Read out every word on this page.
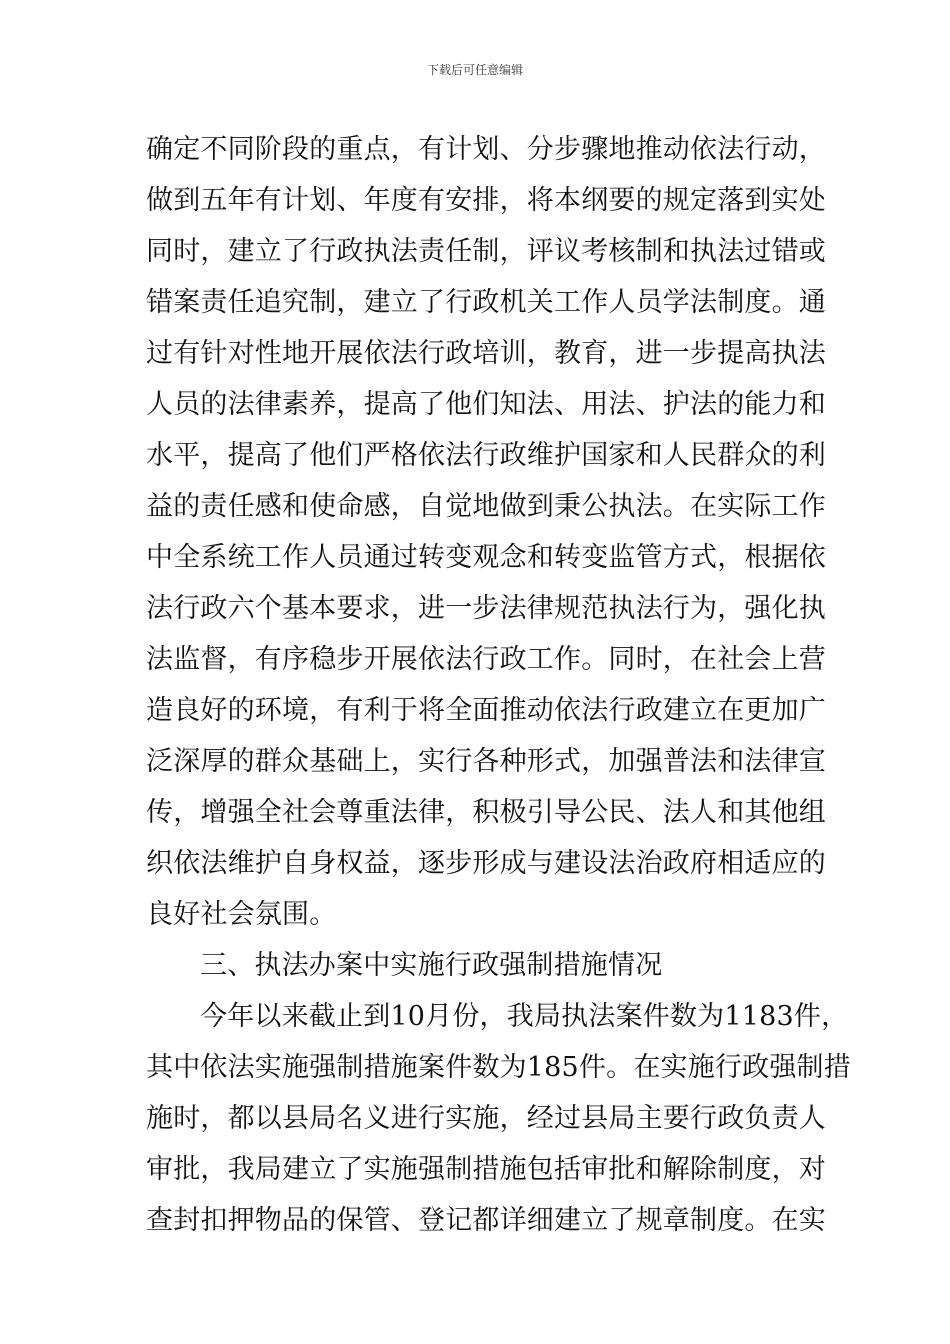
下载后可任意编辑
确定不同阶段的重点，有计划、分步骤地推动依法行动，
做到五年有计划、年度有安排，将本纲要的规定落到实处
同时，建立了行政执法责任制，评议考核制和执法过错或
错案责任追究制，建立了行政机关工作人员学法制度。通
过有针对性地开展依法行政培训，教育，进一步提高执法
人员的法律素养，提高了他们知法、用法、护法的能力和
水平，提高了他们严格依法行政维护国家和人民群众的利
益的责任感和使命感，自觉地做到秉公执法。在实际工作
中全系统工作人员通过转变观念和转变监管方式，根据依
法行政六个基本要求，进一步法律规范执法行为，强化执
法监督，有序稳步开展依法行政工作。同时，在社会上营
造良好的环境，有利于将全面推动依法行政建立在更加广
泛深厚的群众基础上，实行各种形式，加强普法和法律宣
传，增强全社会尊重法律，积极引导公民、法人和其他组
织依法维护自身权益，逐步形成与建设法治政府相适应的
良好社会氛围。
三、执法办案中实施行政强制措施情况
今年以来截止到10月份，我局执法案件数为1183件，
其中依法实施强制措施案件数为185件。在实施行政强制措
施时，都以县局名义进行实施，经过县局主要行政负责人
审批，我局建立了实施强制措施包括审批和解除制度，对
查封扣押物品的保管、登记都详细建立了规章制度。在实
